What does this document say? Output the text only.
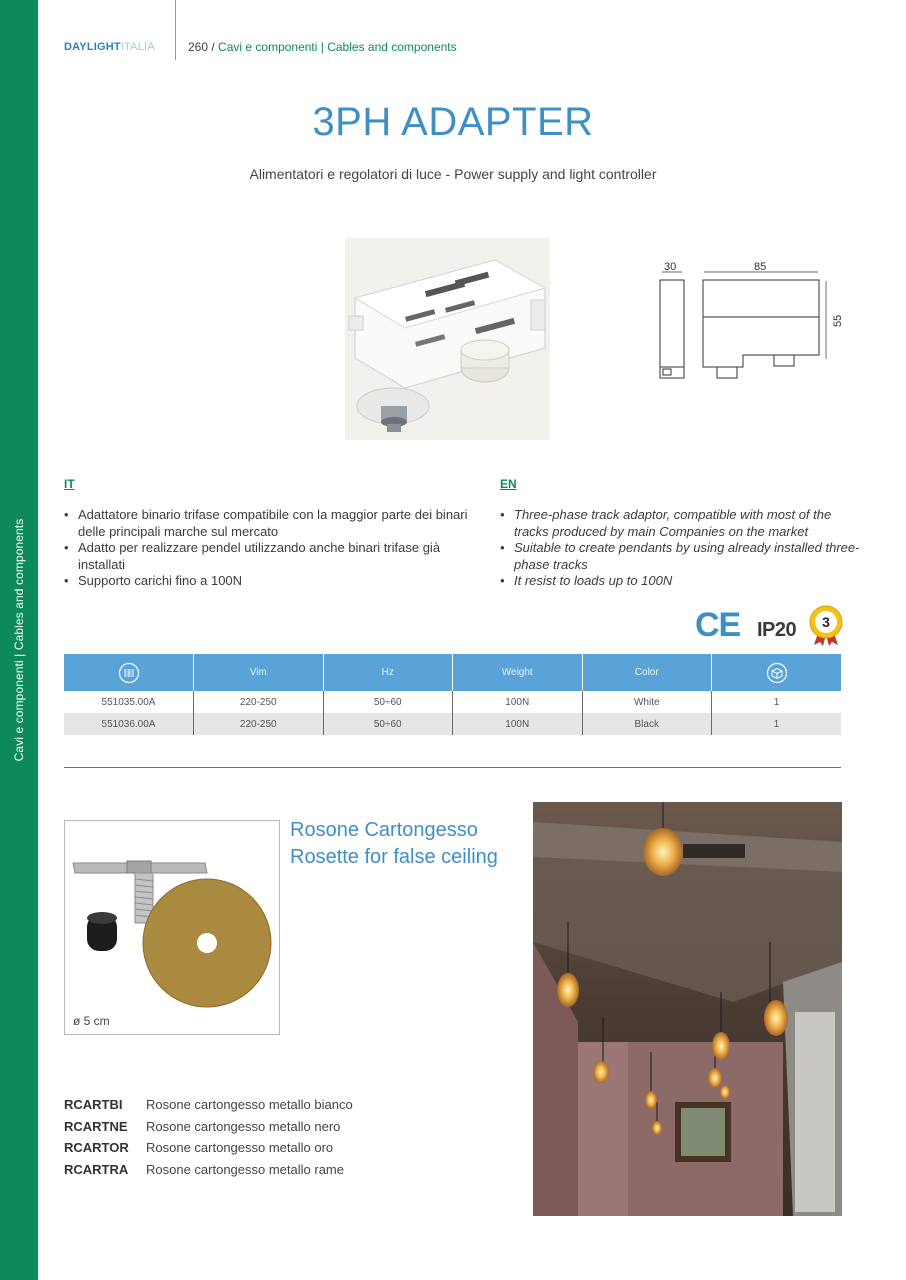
Cavi e componenti | Cables and components
DAYLIGHTITALIA	260 / Cavi e componenti | Cables and components
3PH ADAPTER
Alimentatori e regolatori di luce - Power supply and light controller
30	85
55
IT
• Adattatore binario trifase compatibile con la maggior parte dei binari delle principali marche sul mercato
• Adatto per realizzare pendel utilizzando anche binari trifase già installati
• Supporto carichi fino a 100N
EN
• Three-phase track adaptor, compatible with most of the tracks produced by main Companies on the market
• Suitable to create pendants by using already installed three-phase tracks
• It resist to loads up to 100N
CE IP20 3
	Vim	Hz	Weight	Color	
551035.00A	220-250	50÷60	100N	White	1
551036.00A	220-250	50÷60	100N	Black	1
ø 5 cm
Rosone Cartongesso
Rosette for false ceiling
RCARTBI	Rosone cartongesso metallo bianco
RCARTNE	Rosone cartongesso metallo nero
RCARTOR	Rosone cartongesso metallo oro
RCARTRA	Rosone cartongesso metallo rame
